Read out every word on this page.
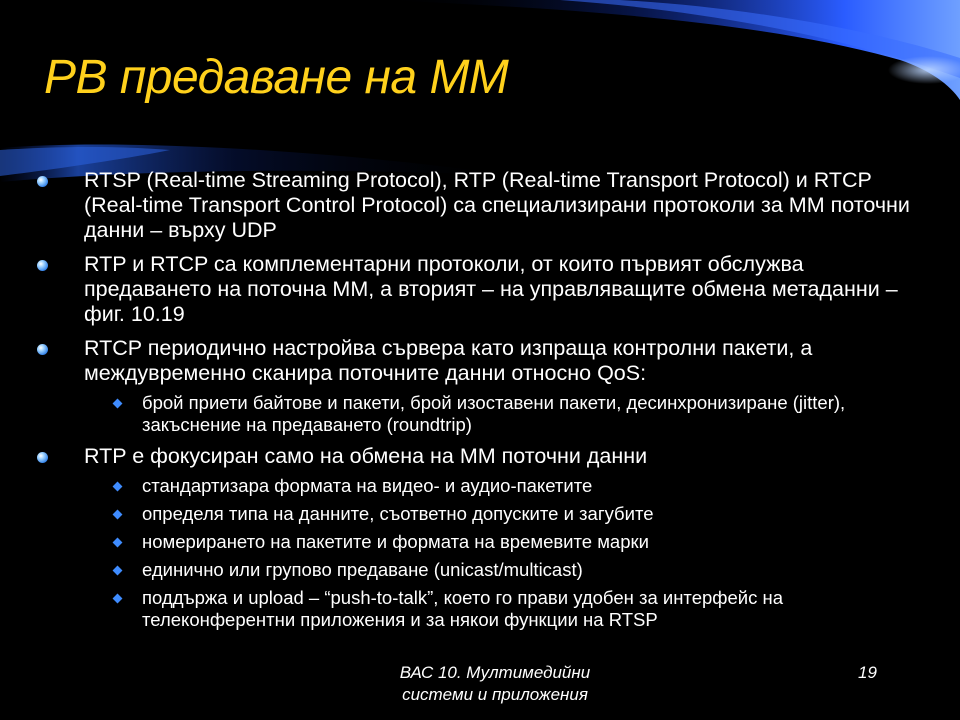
РВ предаване на ММ
RTSP (Real-time Streaming Protocol), RTP (Real-time Transport Protocol) и RTCP (Real-time Transport Control Protocol) са специализирани протоколи за ММ поточни данни – върху UDP
RTP и RTCP са комплементарни протоколи, от които първият обслужва предаването на поточна ММ, а вторият – на управляващите обмена метаданни – фиг. 10.19
RTCP периодично настройва сървера като изпраща контролни пакети, а междувременно сканира поточните данни относно QoS:
брой приети байтове и пакети, брой изоставени пакети, десинхронизиране (jitter), закъснение на предаването (roundtrip)
RTP е фокусиран само на обмена на ММ поточни данни
стандартизара формата на видео- и аудио-пакетите
определя типа на данните, съответно допуските и загубите
номерирането на пакетите и формата на времевите марки
единично или групово предаване (unicast/multicast)
поддържа и upload – “push-to-talk”, което го прави удобен за интерфейс на телеконферентни приложения и за някои функции на RTSP
ВАС 10. Мултимедийни
системи и приложения
19
